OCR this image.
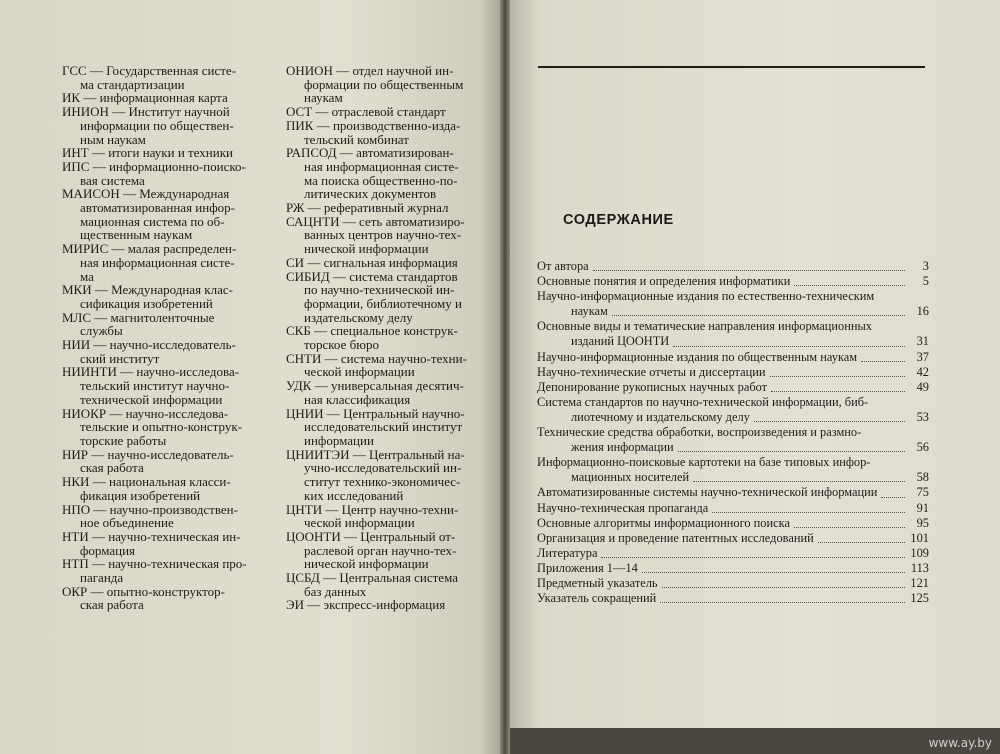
ГСС — Государственная систе-
ма стандартизации
ИК — информационная карта
ИНИОН — Институт научной
информации по обществен-
ным наукам
ИНТ — итоги науки и техники
ИПС — информационно-поиско-
вая система
МАИСОН — Международная
автоматизированная инфор-
мационная система по об-
щественным наукам
МИРИС — малая распределен-
ная информационная систе-
ма
МКИ — Международная клас-
сификация изобретений
МЛС — магнитоленточные
службы
НИИ — научно-исследователь-
ский институт
НИИНТИ — научно-исследова-
тельский институт научно-
технической информации
НИОКР — научно-исследова-
тельские и опытно-конструк-
торские работы
НИР — научно-исследователь-
ская работа
НКИ — национальная класси-
фикация изобретений
НПО — научно-производствен-
ное объединение
НТИ — научно-техническая ин-
формация
НТП — научно-техническая про-
паганда
ОКР — опытно-конструктор-
ская работа
ОНИОН — отдел научной ин-
формации по общественным
наукам
ОСТ — отраслевой стандарт
ПИК — производственно-изда-
тельский комбинат
РАПСОД — автоматизирован-
ная информационная систе-
ма поиска общественно-по-
литических документов
РЖ — реферативный журнал
САЦНТИ — сеть автоматизиро-
ванных центров научно-тех-
нической информации
СИ — сигнальная информация
СИБИД — система стандартов
по научно-технической ин-
формации, библиотечному и
издательскому делу
СКБ — специальное конструк-
торское бюро
СНТИ — система научно-техни-
ческой информации
УДК — универсальная десятич-
ная классификация
ЦНИИ — Центральный научно-
исследовательский институт
информации
ЦНИИТЭИ — Центральный на-
учно-исследовательский ин-
ститут технико-экономичес-
ких исследований
ЦНТИ — Центр научно-техни-
ческой информации
ЦООНТИ — Центральный от-
раслевой орган научно-тех-
нической информации
ЦСБД — Центральная система
баз данных
ЭИ — экспресс-информация
СОДЕРЖАНИЕ
От автора	3
Основные понятия и определения информатики	5
Научно-информационные издания по естественно-техническим
наукам	16
Основные виды и тематические направления информационных
изданий ЦООНТИ	31
Научно-информационные издания по общественным наукам	37
Научно-технические отчеты и диссертации	42
Депонирование рукописных научных работ	49
Система стандартов по научно-технической информации, биб-
лиотечному и издательскому делу	53
Технические средства обработки, воспроизведения и размно-
жения информации	56
Информационно-поисковые картотеки на базе типовых инфор-
мационных носителей	58
Автоматизированные системы научно-технической информации	75
Научно-техническая пропаганда	91
Основные алгоритмы информационного поиска	95
Организация и проведение патентных исследований	101
Литература	109
Приложения 1—14	113
Предметный указатель	121
Указатель сокращений	125
www.ay.by
